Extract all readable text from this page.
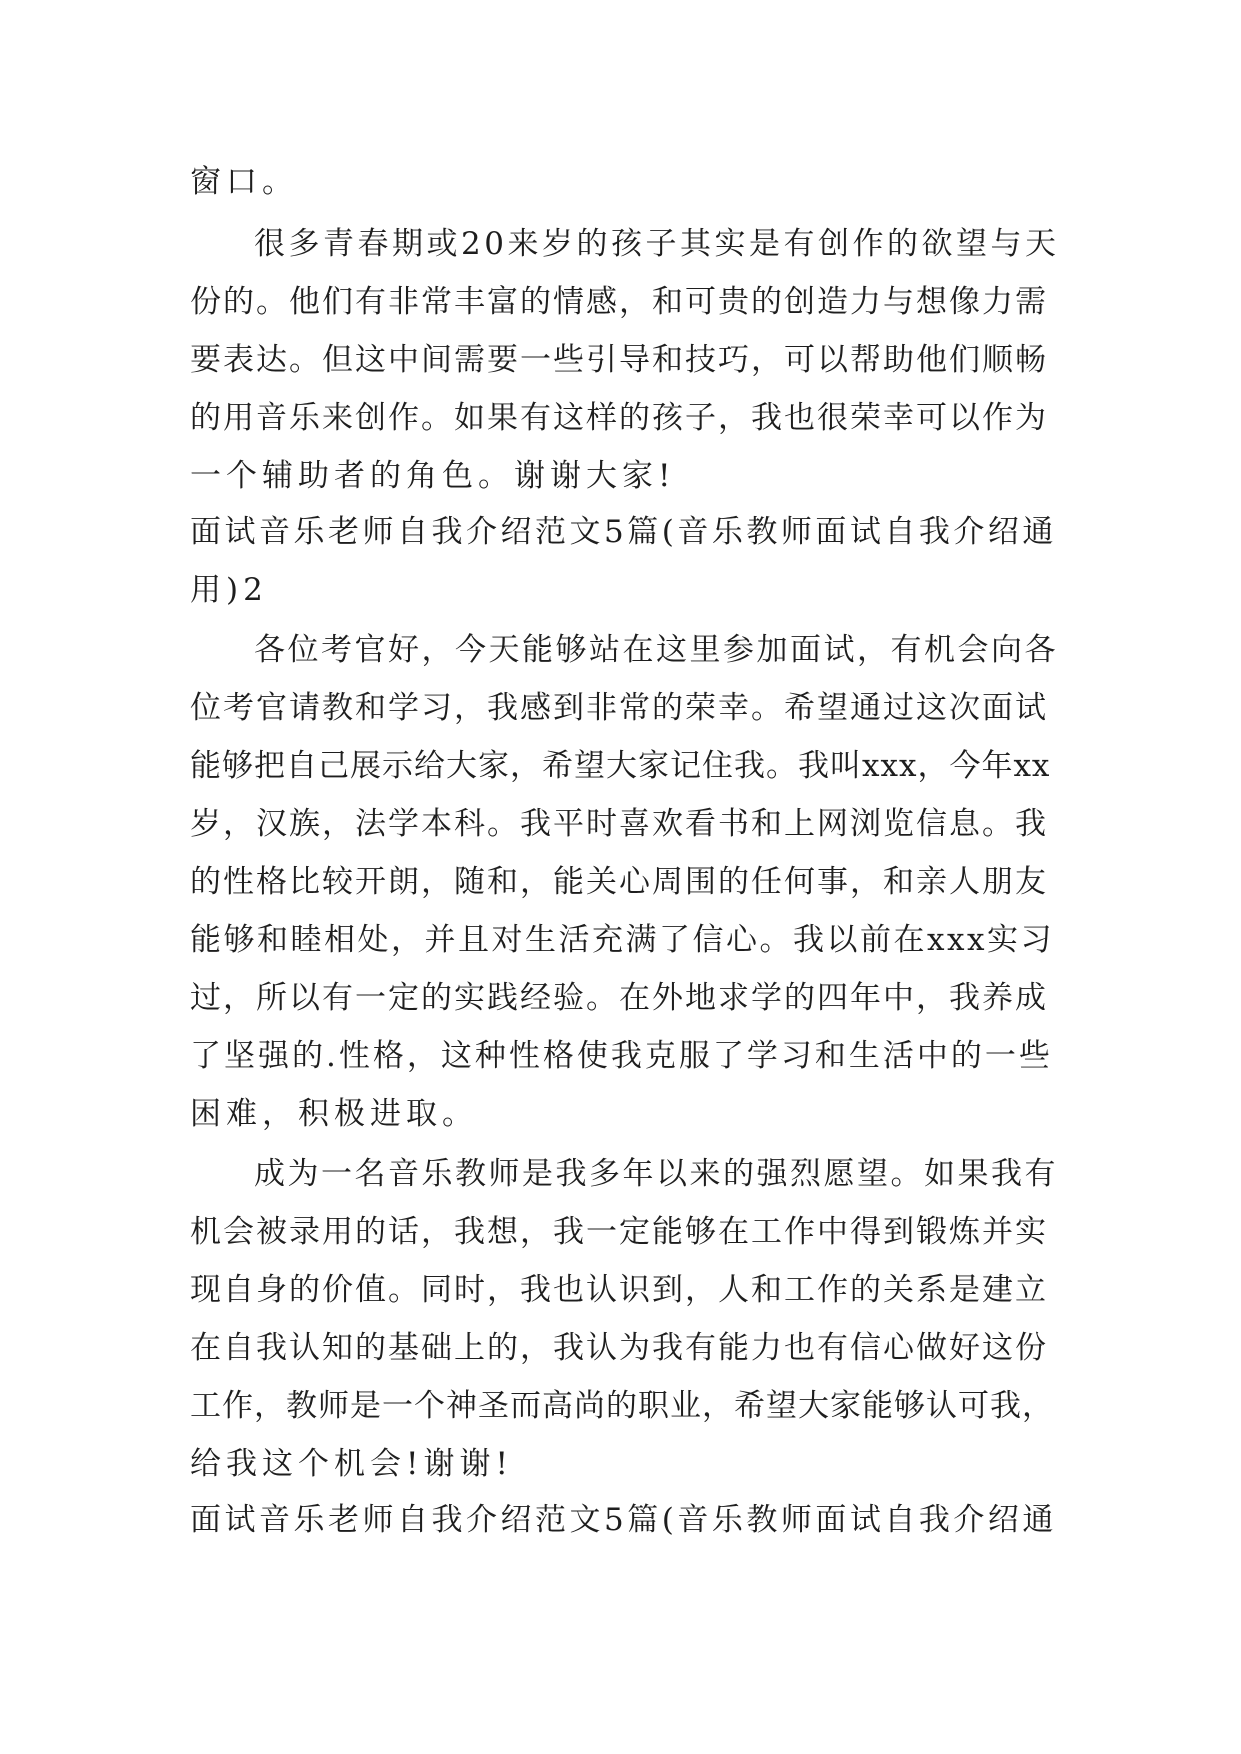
窗口。
很多青春期或20来岁的孩子其实是有创作的欲望与天
份的。他们有非常丰富的情感，和可贵的创造力与想像力需
要表达。但这中间需要一些引导和技巧，可以帮助他们顺畅
的用音乐来创作。如果有这样的孩子，我也很荣幸可以作为
一个辅助者的角色。谢谢大家!
面试音乐老师自我介绍范文5篇(音乐教师面试自我介绍通
用)2
各位考官好，今天能够站在这里参加面试，有机会向各
位考官请教和学习，我感到非常的荣幸。希望通过这次面试
能够把自己展示给大家，希望大家记住我。我叫xxx，今年xx
岁，汉族，法学本科。我平时喜欢看书和上网浏览信息。我
的性格比较开朗，随和，能关心周围的任何事，和亲人朋友
能够和睦相处，并且对生活充满了信心。我以前在xxx实习
过，所以有一定的实践经验。在外地求学的四年中，我养成
了坚强的.性格，这种性格使我克服了学习和生活中的一些
困难，积极进取。
成为一名音乐教师是我多年以来的强烈愿望。如果我有
机会被录用的话，我想，我一定能够在工作中得到锻炼并实
现自身的价值。同时，我也认识到，人和工作的关系是建立
在自我认知的基础上的，我认为我有能力也有信心做好这份
工作，教师是一个神圣而高尚的职业，希望大家能够认可我，
给我这个机会!谢谢!
面试音乐老师自我介绍范文5篇(音乐教师面试自我介绍通
